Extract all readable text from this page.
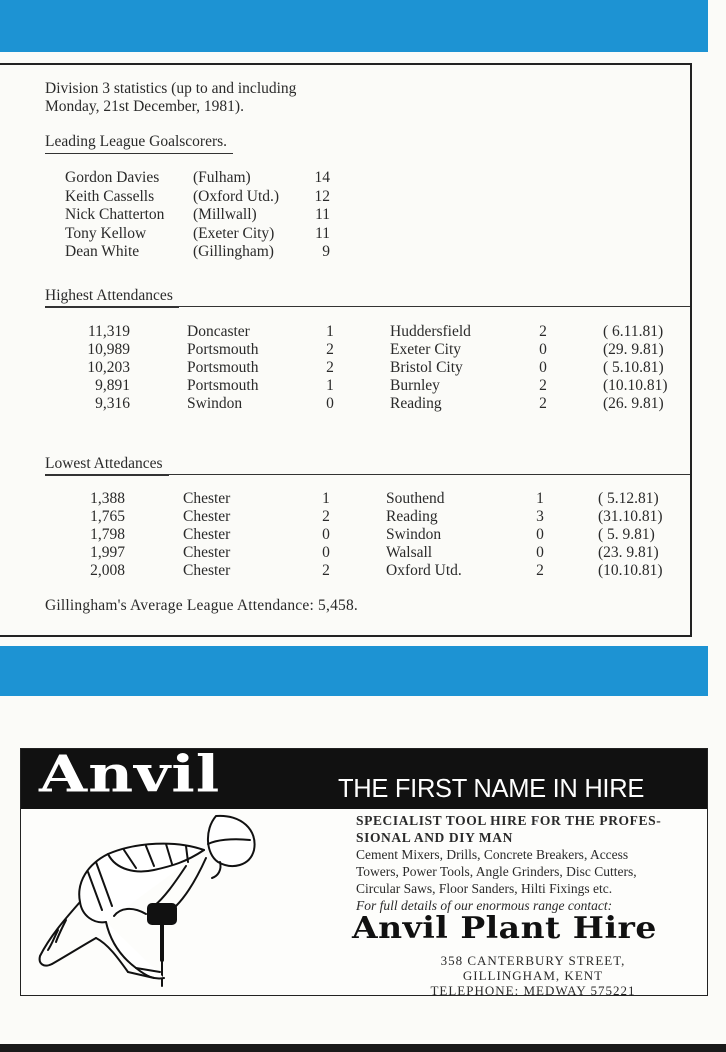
Division 3 statistics (up to and including
Monday, 21st December, 1981).
Leading League Goalscorers.
Gordon Davies (Fulham)	14
Keith Cassells	(Oxford Utd.)	12
Nick Chatterton (Millwall)	11
Tony Kellow	(Exeter City)	11
Dean White	(Gillingham)	9
Highest Attendances
11,319	Doncaster	1	Huddersfield	2	( 6.11.81)
10,989	Portsmouth	2	Exeter City	0	(29. 9.81)
10,203	Portsmouth	2	Bristol City	0	( 5.10.81)
9,891	Portsmouth	1	Burnley	2	(10.10.81)
9,316	Swindon	0	Reading	2	(26. 9.81)
Lowest Attedances
1,388	Chester	1	Southend	1	( 5.12.81)
1,765	Chester	2	Reading	3	(31.10.81)
1,798	Chester	0	Swindon	0	( 5. 9.81)
1,997	Chester	0	Walsall	0	(23. 9.81)
2,008	Chester	2	Oxford Utd.	2	(10.10.81)
Gillingham's Average League Attendance: 5,458.
Anvil	THE FIRST NAME IN HIRE
SPECIALIST TOOL HIRE FOR THE PROFES-
SIONAL AND DIY MAN
Cement Mixers, Drills, Concrete Breakers, Access
Towers, Power Tools, Angle Grinders, Disc Cutters,
Circular Saws, Floor Sanders, Hilti Fixings etc.
For full details of our enormous range contact:
Anvil Plant Hire
358 CANTERBURY STREET,
GILLINGHAM, KENT
TELEPHONE: MEDWAY 575221
